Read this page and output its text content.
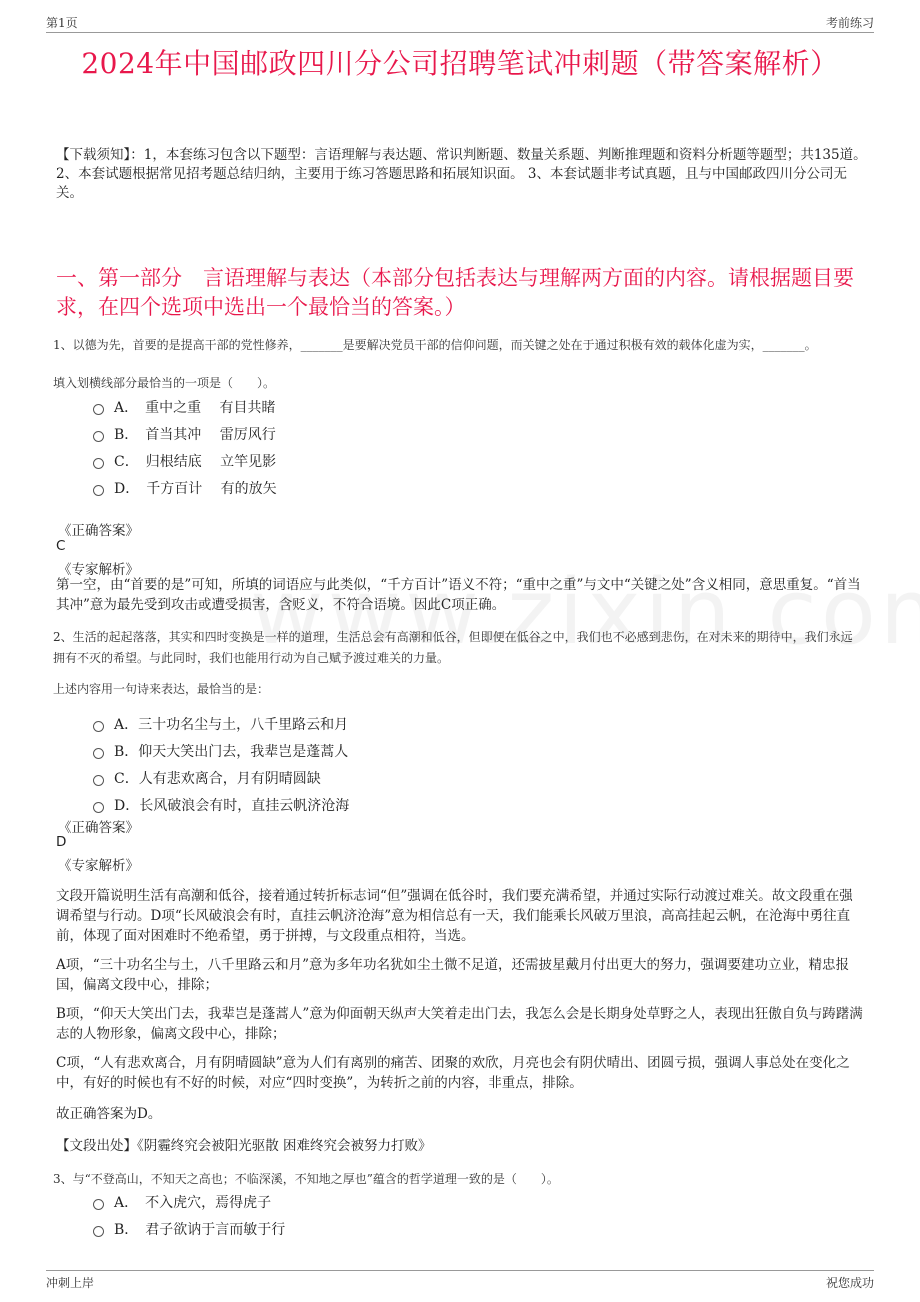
第1页	考前练习
2024年中国邮政四川分公司招聘笔试冲刺题（带答案解析）
【下载须知】：1，本套练习包含以下题型：言语理解与表达题、常识判断题、数量关系题、判断推理题和资料分析题等题型；共135道。 2、本套试题根据常见招考题总结归纳，主要用于练习答题思路和拓展知识面。 3、本套试题非考试真题，且与中国邮政四川分公司无关。
一、第一部分　言语理解与表达（本部分包括表达与理解两方面的内容。请根据题目要求，在四个选项中选出一个最恰当的答案。）
1、以德为先，首要的是提高干部的党性修养，_______是要解决党员干部的信仰问题，而关键之处在于通过积极有效的载体化虚为实，_______。
填入划横线部分最恰当的一项是（　　）。
A．　重中之重　 有目共睹
B．　首当其冲　 雷厉风行
C．　归根结底　 立竿见影
D．　千方百计　 有的放矢
《正确答案》
C
《专家解析》
第一空，由“首要的是”可知，所填的词语应与此类似，“千方百计”语义不符；“重中之重”与文中“关键之处”含义相同，意思重复。“首当其冲”意为最先受到攻击或遭受损害，含贬义，不符合语境。因此C项正确。
2、生活的起起落落，其实和四时变换是一样的道理，生活总会有高潮和低谷，但即便在低谷之中，我们也不必感到悲伤，在对未来的期待中，我们永远拥有不灭的希望。与此同时，我们也能用行动为自己赋予渡过难关的力量。
上述内容用一句诗来表达，最恰当的是：
A．三十功名尘与土，八千里路云和月
B．仰天大笑出门去，我辈岂是蓬蒿人
C．人有悲欢离合，月有阴晴圆缺
D．长风破浪会有时，直挂云帆济沧海
《正确答案》
D
《专家解析》
文段开篇说明生活有高潮和低谷，接着通过转折标志词“但”强调在低谷时，我们要充满希望，并通过实际行动渡过难关。故文段重在强调希望与行动。D项“长风破浪会有时，直挂云帆济沧海”意为相信总有一天，我们能乘长风破万里浪，高高挂起云帆，在沧海中勇往直前，体现了面对困难时不绝希望，勇于拼搏，与文段重点相符，当选。
A项，“三十功名尘与土，八千里路云和月”意为多年功名犹如尘土微不足道，还需披星戴月付出更大的努力，强调要建功立业，精忠报国，偏离文段中心，排除；
B项，“仰天大笑出门去，我辈岂是蓬蒿人”意为仰面朝天纵声大笑着走出门去，我怎么会是长期身处草野之人，表现出狂傲自负与踌躇满志的人物形象，偏离文段中心，排除；
C项，“人有悲欢离合，月有阴晴圆缺”意为人们有离别的痛苦、团聚的欢欣，月亮也会有阴伏晴出、团圆亏损，强调人事总处在变化之中，有好的时候也有不好的时候，对应“四时变换”，为转折之前的内容，非重点，排除。
故正确答案为D。
【文段出处】《阴霾终究会被阳光驱散 困难终究会被努力打败》
3、与“不登高山，不知天之高也；不临深溪，不知地之厚也”蕴含的哲学道理一致的是（　　）。
A．　不入虎穴，焉得虎子
B．　君子欲讷于言而敏于行
冲刺上岸	祝您成功
